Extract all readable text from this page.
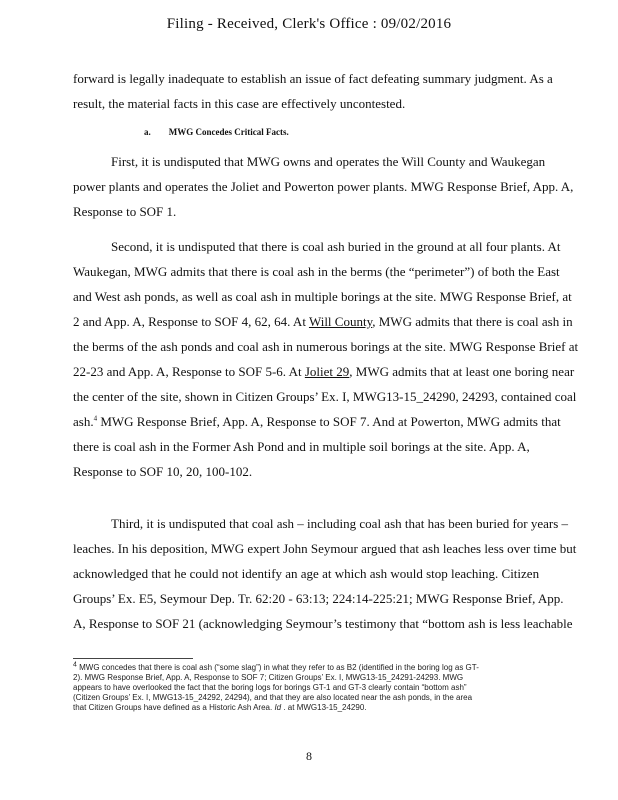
Filing - Received, Clerk's Office : 09/02/2016
forward is legally inadequate to establish an issue of fact defeating summary judgment. As a
result, the material facts in this case are effectively uncontested.
a. MWG Concedes Critical Facts.
First, it is undisputed that MWG owns and operates the Will County and Waukegan
power plants and operates the Joliet and Powerton power plants. MWG Response Brief, App. A,
Response to SOF 1.
Second, it is undisputed that there is coal ash buried in the ground at all four plants. At
Waukegan, MWG admits that there is coal ash in the berms (the “perimeter”) of both the East
and West ash ponds, as well as coal ash in multiple borings at the site. MWG Response Brief, at
2 and App. A, Response to SOF 4, 62, 64. At Will County, MWG admits that there is coal ash in
the berms of the ash ponds and coal ash in numerous borings at the site. MWG Response Brief at
22-23 and App. A, Response to SOF 5-6. At Joliet 29, MWG admits that at least one boring near
the center of the site, shown in Citizen Groups’ Ex. I, MWG13-15_24290, 24293, contained coal
ash.$^4$ MWG Response Brief, App. A, Response to SOF 7. And at Powerton, MWG admits that
there is coal ash in the Former Ash Pond and in multiple soil borings at the site. App. A,
Response to SOF 10, 20, 100-102.
Third, it is undisputed that coal ash – including coal ash that has been buried for years –
leaches. In his deposition, MWG expert John Seymour argued that ash leaches less over time but
acknowledged that he could not identify an age at which ash would stop leaching. Citizen
Groups’ Ex. E5, Seymour Dep. Tr. 62:20 - 63:13; 224:14-225:21; MWG Response Brief, App.
A, Response to SOF 21 (acknowledging Seymour’s testimony that “bottom ash is less leachable
$^4$ MWG concedes that there is coal ash (“some slag”) in what they refer to as B2 (identified in the boring log as GT-
2). MWG Response Brief, App. A, Response to SOF 7; Citizen Groups’ Ex. I, MWG13-15_24291-24293. MWG
appears to have overlooked the fact that the boring logs for borings GT-1 and GT-3 clearly contain “bottom ash”
(Citizen Groups’ Ex. I, MWG13-15_24292, 24294), and that they are also located near the ash ponds, in the area
that Citizen Groups have defined as a Historic Ash Area. Id . at MWG13-15_24290.
8
